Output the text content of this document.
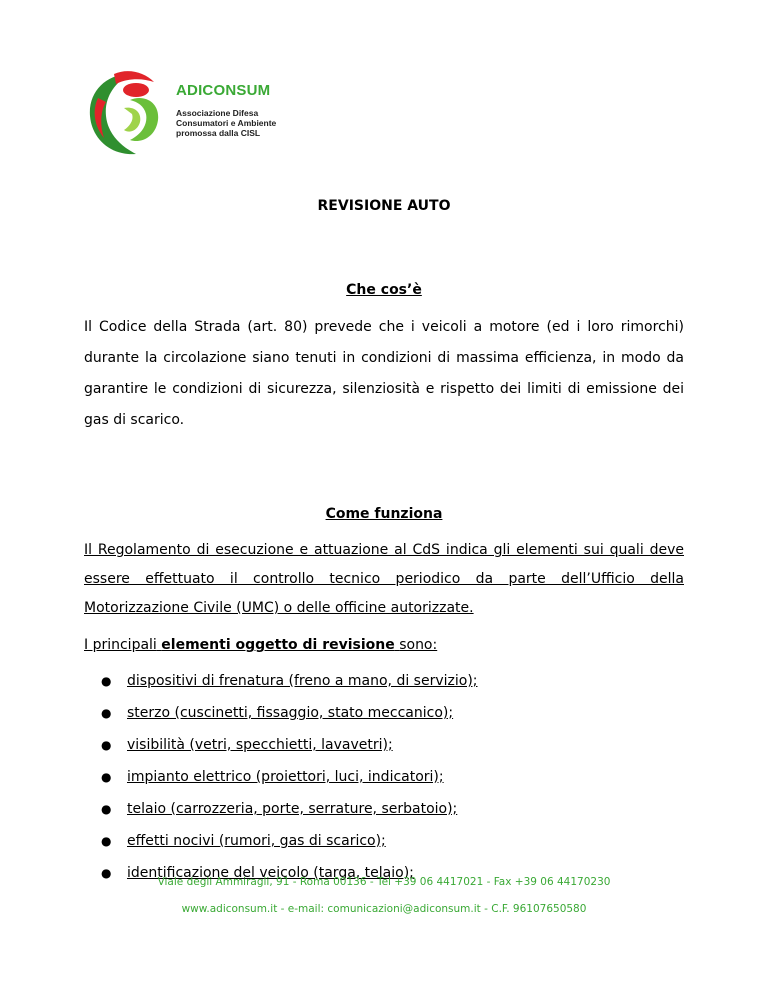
ADICONSUM
Associazione Difesa
Consumatori e Ambiente
promossa dalla CISL

REVISIONE AUTO

Che cos’è

Il Codice della Strada (art. 80) prevede che i veicoli a motore (ed i loro rimorchi) durante la circolazione siano tenuti in condizioni di massima efficienza, in modo da garantire le condizioni di sicurezza, silenziosità e rispetto dei limiti di emissione dei gas di scarico.

Come funziona

Il Regolamento di esecuzione e attuazione al CdS indica gli elementi sui quali deve essere effettuato il controllo tecnico periodico da parte dell’Ufficio della Motorizzazione Civile (UMC) o delle officine autorizzate.

I principali elementi oggetto di revisione sono:

● dispositivi di frenatura (freno a mano, di servizio);
● sterzo (cuscinetti, fissaggio, stato meccanico);
● visibilità (vetri, specchietti, lavavetri);
● impianto elettrico (proiettori, luci, indicatori);
● telaio (carrozzeria, porte, serrature, serbatoio);
● effetti nocivi (rumori, gas di scarico);
● identificazione del veicolo (targa, telaio);
Viale degli Ammiragli, 91 - Roma 00136 - Tel +39 06 4417021 - Fax +39 06 44170230
www.adiconsum.it - e-mail: comunicazioni@adiconsum.it - C.F. 96107650580
